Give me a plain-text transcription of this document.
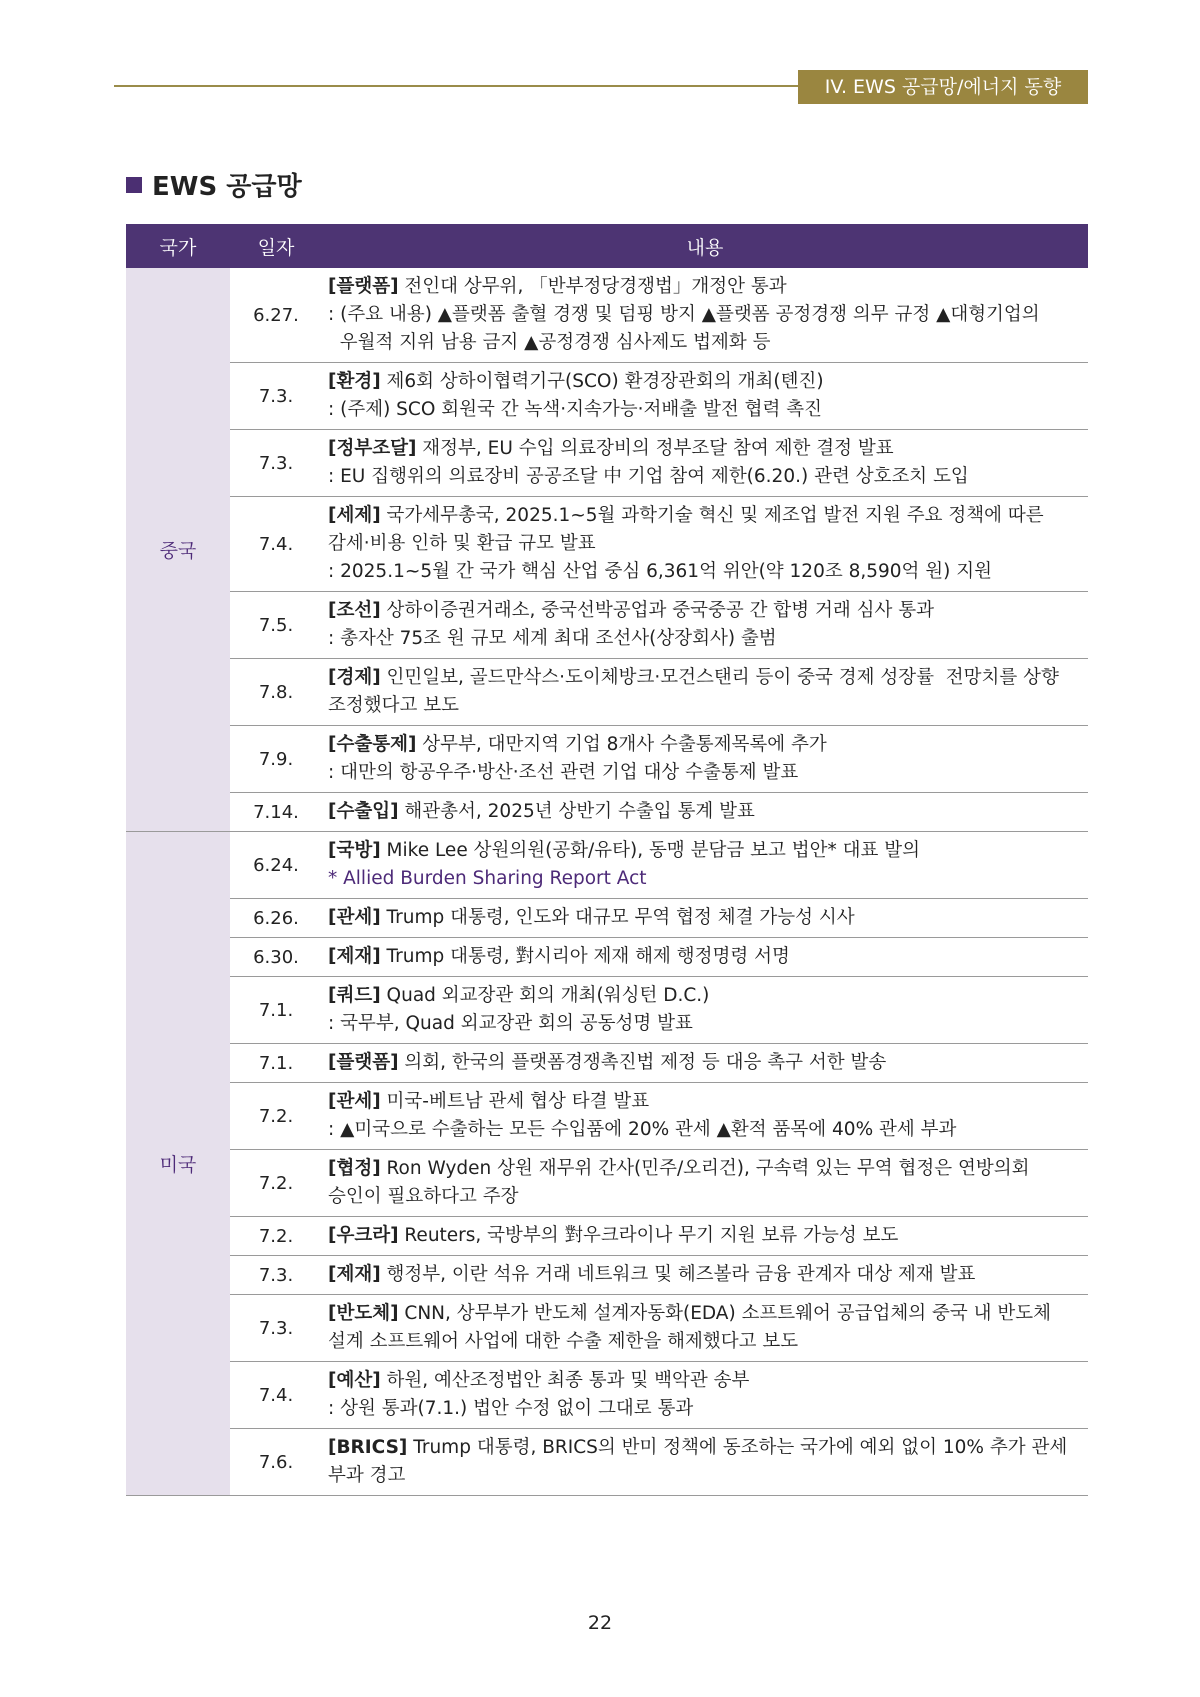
IV. EWS 공급망/에너지 동향
EWS 공급망
국가	일자	내용
중국	6.27.	[플랫폼] 전인대 상무위, 「반부정당경쟁법」개정안 통과
: (주요 내용) ▲플랫폼 출혈 경쟁 및 덤핑 방지 ▲플랫폼 공정경쟁 의무 규정 ▲대형기업의
우월적 지위 남용 금지 ▲공정경쟁 심사제도 법제화 등

	7.3.	[환경] 제6회 상하이협력기구(SCO) 환경장관회의 개최(톈진)
: (주제) SCO 회원국 간 녹색·지속가능·저배출 발전 협력 촉진

	7.3.	[정부조달] 재정부, EU 수입 의료장비의 정부조달 참여 제한 결정 발표
: EU 집행위의 의료장비 공공조달 中 기업 참여 제한(6.20.) 관련 상호조치 도입

	7.4.	[세제] 국가세무총국, 2025.1~5월 과학기술 혁신 및 제조업 발전 지원 주요 정책에 따른
감세·비용 인하 및 환급 규모 발표
: 2025.1~5월 간 국가 핵심 산업 중심 6,361억 위안(약 120조 8,590억 원) 지원

	7.5.	[조선] 상하이증권거래소, 중국선박공업과 중국중공 간 합병 거래 심사 통과
: 총자산 75조 원 규모 세계 최대 조선사(상장회사) 출범

	7.8.	[경제] 인민일보, 골드만삭스·도이체방크·모건스탠리 등이 중국 경제 성장률  전망치를 상향
조정했다고 보도

	7.9.	[수출통제] 상무부, 대만지역 기업 8개사 수출통제목록에 추가
: 대만의 항공우주·방산·조선 관련 기업 대상 수출통제 발표

	7.14.	[수출입] 해관총서, 2025년 상반기 수출입 통계 발표

미국	6.24.	[국방] Mike Lee 상원의원(공화/유타), 동맹 분담금 보고 법안* 대표 발의
* Allied Burden Sharing Report Act

	6.26.	[관세] Trump 대통령, 인도와 대규모 무역 협정 체결 가능성 시사

	6.30.	[제재] Trump 대통령, 對시리아 제재 해제 행정명령 서명

	7.1.	[쿼드] Quad 외교장관 회의 개최(워싱턴 D.C.)
: 국무부, Quad 외교장관 회의 공동성명 발표

	7.1.	[플랫폼] 의회, 한국의 플랫폼경쟁촉진법 제정 등 대응 촉구 서한 발송

	7.2.	[관세] 미국-베트남 관세 협상 타결 발표
: ▲미국으로 수출하는 모든 수입품에 20% 관세 ▲환적 품목에 40% 관세 부과

	7.2.	[협정] Ron Wyden 상원 재무위 간사(민주/오리건), 구속력 있는 무역 협정은 연방의회
승인이 필요하다고 주장

	7.2.	[우크라] Reuters, 국방부의 對우크라이나 무기 지원 보류 가능성 보도

	7.3.	[제재] 행정부, 이란 석유 거래 네트워크 및 헤즈볼라 금융 관계자 대상 제재 발표

	7.3.	[반도체] CNN, 상무부가 반도체 설계자동화(EDA) 소프트웨어 공급업체의 중국 내 반도체
설계 소프트웨어 사업에 대한 수출 제한을 해제했다고 보도

	7.4.	[예산] 하원, 예산조정법안 최종 통과 및 백악관 송부
: 상원 통과(7.1.) 법안 수정 없이 그대로 통과

	7.6.	[BRICS] Trump 대통령, BRICS의 반미 정책에 동조하는 국가에 예외 없이 10% 추가 관세
부과 경고
22
